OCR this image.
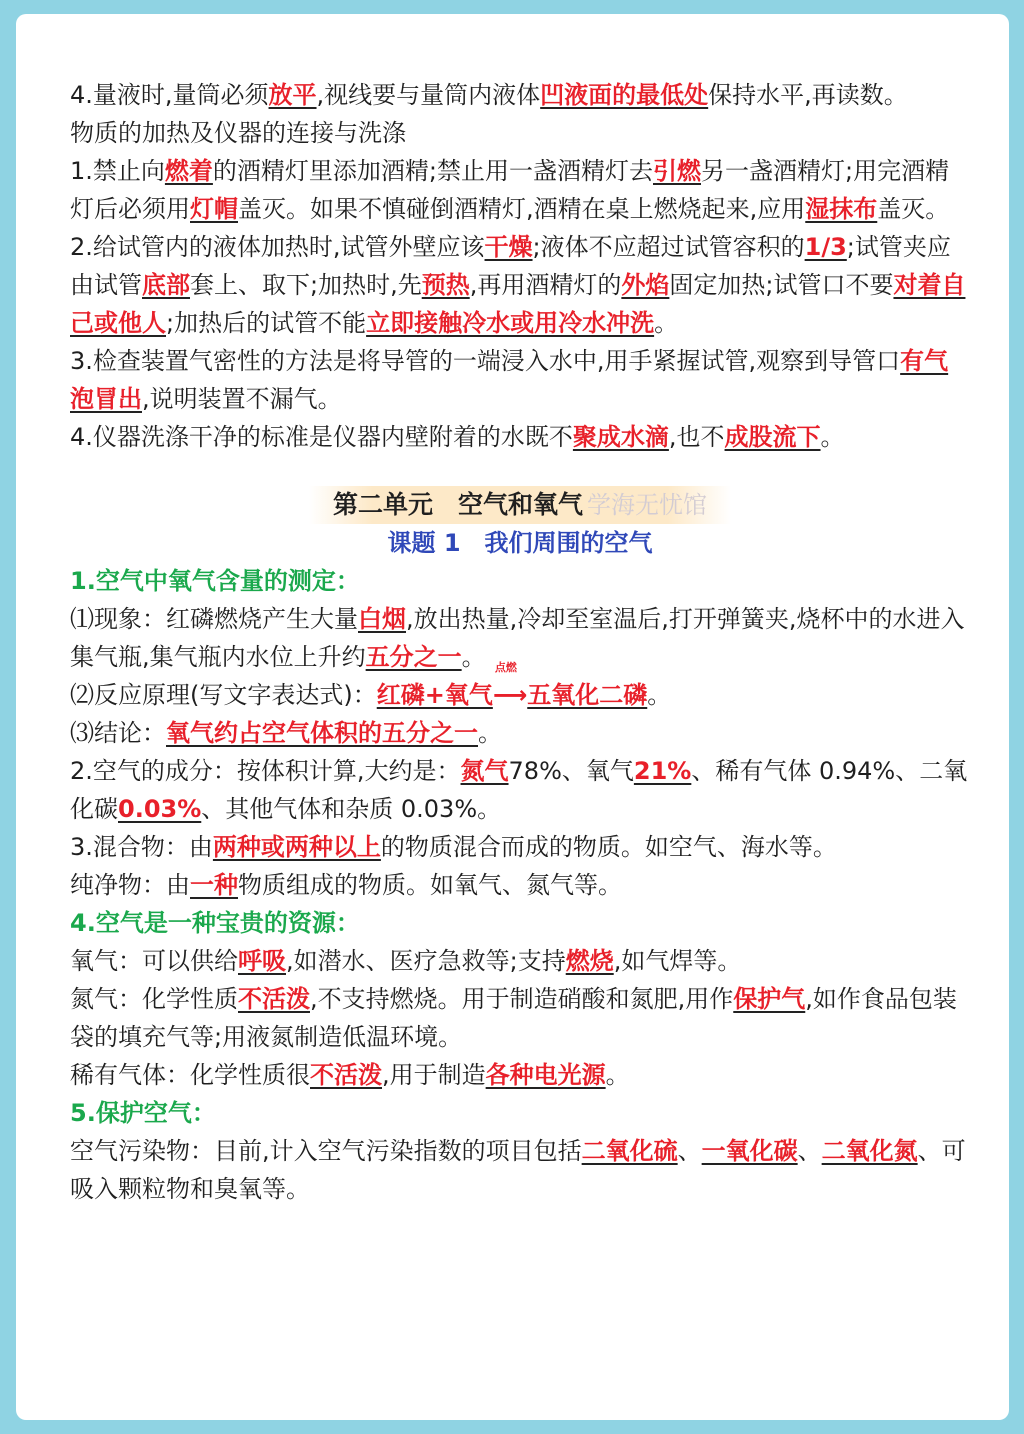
4.量液时,量筒必须放平,视线要与量筒内液体凹液面的最低处保持水平,再读数。

物质的加热及仪器的连接与洗涤

1.禁止向燃着的酒精灯里添加酒精;禁止用一盏酒精灯去引燃另一盏酒精灯;用完酒精灯后必须用灯帽盖灭。如果不慎碰倒酒精灯,酒精在桌上燃烧起来,应用湿抹布盖灭。

2.给试管内的液体加热时,试管外壁应该干燥;液体不应超过试管容积的1/3;试管夹应由试管底部套上、取下;加热时,先预热,再用酒精灯的外焰固定加热;试管口不要对着自己或他人;加热后的试管不能立即接触冷水或用冷水冲洗。

3.检查装置气密性的方法是将导管的一端浸入水中,用手紧握试管,观察到导管口有气泡冒出,说明装置不漏气。

4.仪器洗涤干净的标准是仪器内壁附着的水既不聚成水滴,也不成股流下。

第二单元　空气和氧气 学海无忧馆

课题 1　我们周围的空气

1.空气中氧气含量的测定：

⑴现象：红磷燃烧产生大量白烟,放出热量,冷却至室温后,打开弹簧夹,烧杯中的水进入集气瓶,集气瓶内水位上升约五分之一。

⑵反应原理(写文字表达式)：红磷+氧气
点燃
⟶五氧化二磷。

⑶结论：氧气约占空气体积的五分之一。

2.空气的成分：按体积计算,大约是：氮气78%、氧气21%、稀有气体 0.94%、二氧化碳0.03%、其他气体和杂质 0.03%。

3.混合物：由两种或两种以上的物质混合而成的物质。如空气、海水等。

纯净物：由一种物质组成的物质。如氧气、氮气等。

4.空气是一种宝贵的资源：

氧气：可以供给呼吸,如潜水、医疗急救等;支持燃烧,如气焊等。

氮气：化学性质不活泼,不支持燃烧。用于制造硝酸和氮肥,用作保护气,如作食品包装袋的填充气等;用液氮制造低温环境。

稀有气体：化学性质很不活泼,用于制造各种电光源。

5.保护空气：

空气污染物：目前,计入空气污染指数的项目包括二氧化硫、一氧化碳、二氧化氮、可吸入颗粒物和臭氧等。
